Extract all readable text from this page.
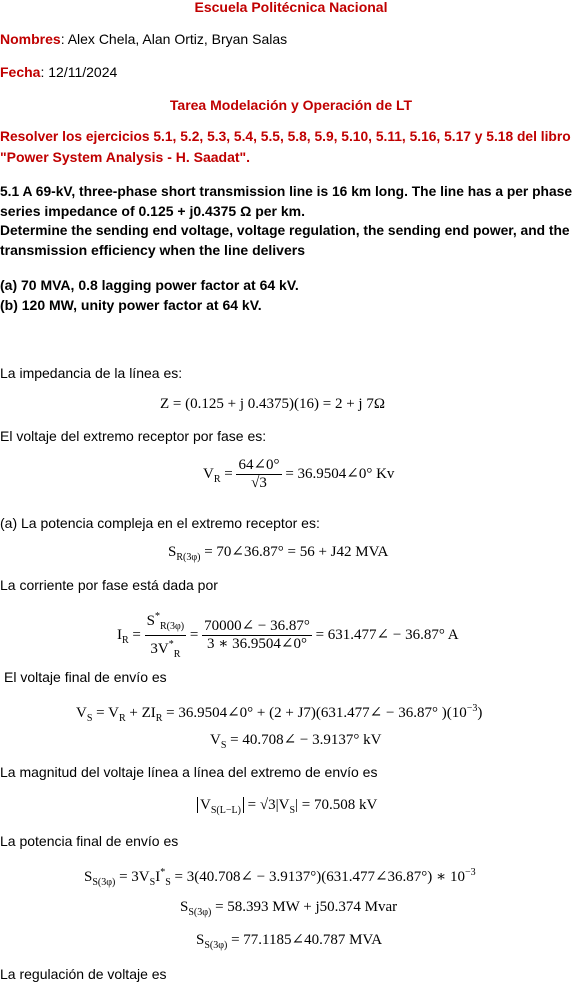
Escuela Politécnica Nacional
Nombres: Alex Chela, Alan Ortiz, Bryan Salas
Fecha: 12/11/2024
Tarea Modelación y Operación de LT
Resolver los ejercicios 5.1, 5.2, 5.3, 5.4, 5.5, 5.8, 5.9, 5.10, 5.11, 5.16, 5.17 y 5.18 del libro
"Power System Analysis - H. Saadat".
5.1 A 69-kV, three-phase short transmission line is 16 km long. The line has a per phase
series impedance of 0.125 + j0.4375 Ω per km.
Determine the sending end voltage, voltage regulation, the sending end power, and the
transmission efficiency when the line delivers
(a) 70 MVA, 0.8 lagging power factor at 64 kV.
(b) 120 MW, unity power factor at 64 kV.
La impedancia de la línea es:
Z = (0.125 + j 0.4375)(16) = 2 + j 7Ω
El voltaje del extremo receptor por fase es:
$V_R = \frac{64\angle 0^\circ}{√3}$ = 36.9504∠0° Kv
(a) La potencia compleja en el extremo receptor es:
$S_{R(3\varphi)}$ = 70∠36.87° = 56 + J42 MVA
La corriente por fase está dada por
$I_R = \frac{S^*_{R(3\varphi)}}{3V^*_R} = \frac{70000\angle - 36.87^\circ}{3 ∗ 36.9504\angle 0^\circ}$ = 631.477∠ − 36.87° A
El voltaje final de envío es
$V_S = V_R + ZI_R$ = 36.9504∠0° + (2 + J7)(631.477∠ − 36.87° )$(10^{-3})$
$V_S$ = 40.708∠ − 3.9137° kV
La magnitud del voltaje línea a línea del extremo de envío es
$V_{S(L-L)} = √3|V_S| = 70.508$ kV
La potencia final de envío es
$S_{S(3\varphi)} = 3V_SI^*_S$ = 3(40.708∠ − 3.9137°)(631.477∠36.87°) ∗ $10^{-3}$
$S_{S(3\varphi)} = 58.393$ MW + j50.374 Mvar
$S_{S(3\varphi)}$ = 77.1185∠40.787 MVA
La regulación de voltaje es
